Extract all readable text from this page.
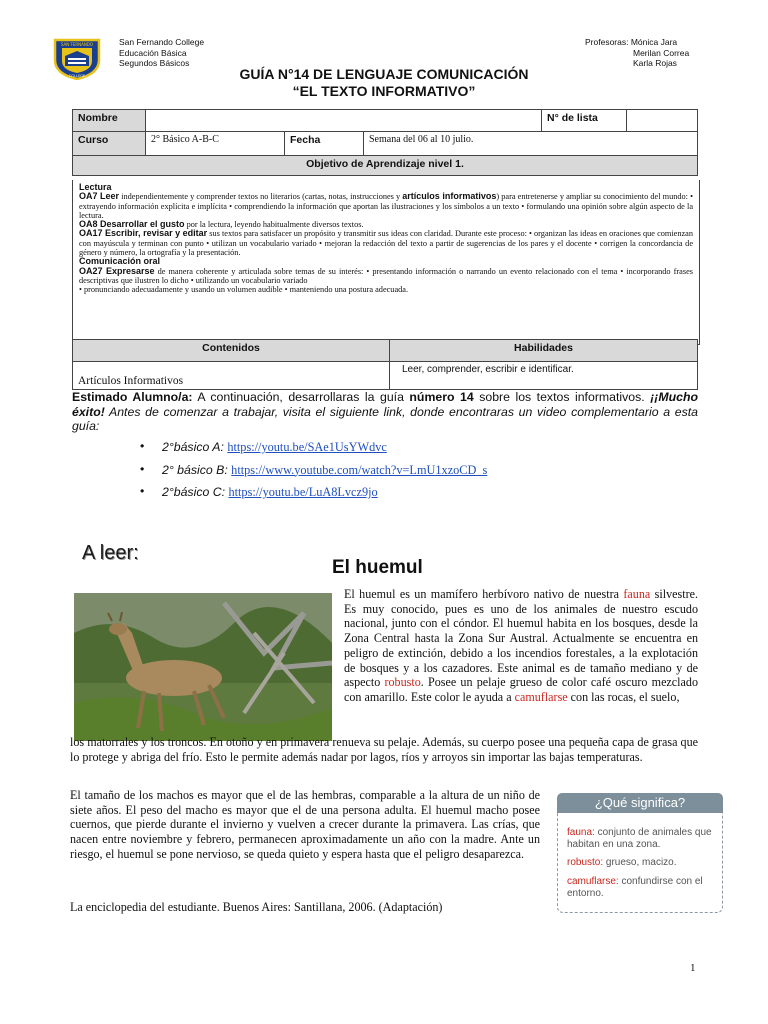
SAN FERNANDO
COLLEGE
San Fernando College
Educación Básica
Segundos Básicos
Profesoras: Mónica Jara
Merilan Correa
Karla Rojas
GUÍA N°14 DE LENGUAJE COMUNICACIÓN
“EL TEXTO INFORMATIVO”
Nombre				N° de lista	
Curso	2° Básico A-B-C	Fecha	Semana del 06 al 10 julio.		
Objetivo de Aprendizaje nivel 1.					
Lectura
OA7 Leer independientemente y comprender textos no literarios (cartas, notas, instrucciones y artículos informativos) para entretenerse y ampliar su conocimiento del mundo: • extrayendo información explícita e implícita • comprendiendo la información que aportan las ilustraciones y los símbolos a un texto • formulando una opinión sobre algún aspecto de la lectura.
OA8 Desarrollar el gusto por la lectura, leyendo habitualmente diversos textos.
OA17 Escribir, revisar y editar sus textos para satisfacer un propósito y transmitir sus ideas con claridad. Durante este proceso: • organizan las ideas en oraciones que comienzan con mayúscula y terminan con punto • utilizan un vocabulario variado • mejoran la redacción del texto a partir de sugerencias de los pares y el docente • corrigen la concordancia de género y número, la ortografía y la presentación.
Comunicación oral
OA27 Expresarse de manera coherente y articulada sobre temas de su interés: • presentando información o narrando un evento relacionado con el tema • incorporando frases descriptivas que ilustren lo dicho • utilizando un vocabulario variado
• pronunciando adecuadamente y usando un volumen audible • manteniendo una postura adecuada.
Contenidos	Habilidades
Artículos Informativos	Leer, comprender, escribir e identificar.
Estimado Alumno/a: A continuación, desarrollaras la guía número 14 sobre los textos informativos. ¡¡Mucho éxito! Antes de comenzar a trabajar, visita el siguiente link, donde encontraras un video complementario a esta guía:
• 2°básico A: https://youtu.be/SAe1UsYWdvc
• 2° básico B: https://www.youtube.com/watch?v=LmU1xzoCD_s
• 2°básico C: https://youtu.be/LuA8Lvcz9jo
A leer:
El huemul
El huemul es un mamífero herbívoro nativo de nuestra fauna silvestre. Es muy conocido, pues es uno de los animales de nuestro escudo nacional, junto con el cóndor. El huemul habita en los bosques, desde la Zona Central hasta la Zona Sur Austral. Actualmente se encuentra en peligro de extinción, debido a los incendios forestales, a la explotación de bosques y a los cazadores. Este animal es de tamaño mediano y de aspecto robusto. Posee un pelaje grueso de color café oscuro mezclado con amarillo. Este color le ayuda a camuflarse con las rocas, el suelo,
los matorrales y los troncos. En otoño y en primavera renueva su pelaje. Además, su cuerpo posee una pequeña capa de grasa que lo protege y abriga del frío. Esto le permite además nadar por lagos, ríos y arroyos sin importar las bajas temperaturas.
El tamaño de los machos es mayor que el de las hembras, comparable a la altura de un niño de siete años. El peso del macho es mayor que el de una persona adulta. El huemul macho posee cuernos, que pierde durante el invierno y vuelven a crecer durante la primavera. Las crías, que nacen entre noviembre y febrero, permanecen aproximadamente un año con la madre. Ante un riesgo, el huemul se pone nervioso, se queda quieto y espera hasta que el peligro desaparezca.
La enciclopedia del estudiante. Buenos Aires: Santillana, 2006. (Adaptación)
¿Qué significa?
fauna: conjunto de animales que habitan en una zona.
robusto: grueso, macizo.
camuflarse: confundirse con el entorno.
1
